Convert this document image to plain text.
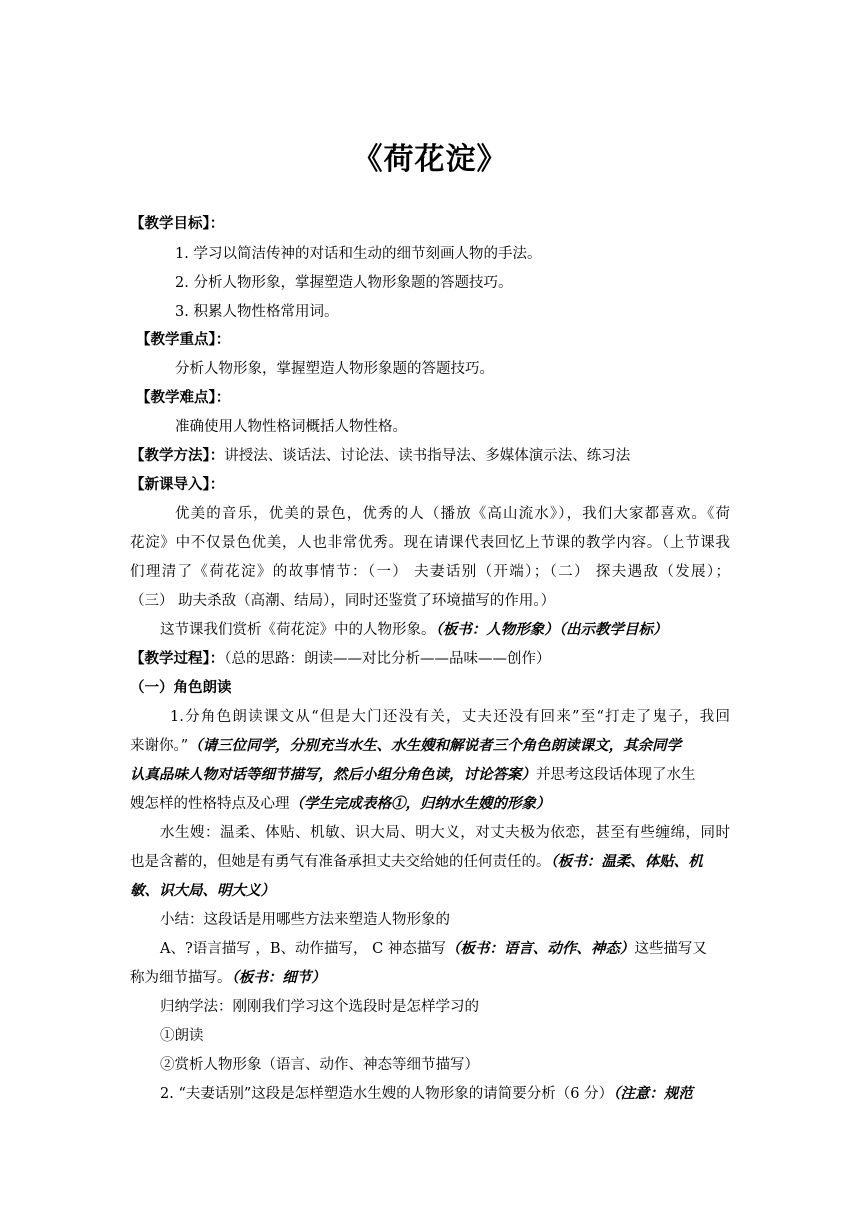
《荷花淀》
【教学目标】：
1. 学习以简洁传神的对话和生动的细节刻画人物的手法。
2. 分析人物形象，掌握塑造人物形象题的答题技巧。
3. 积累人物性格常用词。
【教学重点】：
分析人物形象，掌握塑造人物形象题的答题技巧。
【教学难点】：
准确使用人物性格词概括人物性格。
【教学方法】：讲授法、谈话法、讨论法、读书指导法、多媒体演示法、练习法
【新课导入】：
优美的音乐，优美的景色，优秀的人（播放《高山流水》），我们大家都喜欢。《荷
花淀》中不仅景色优美，人也非常优秀。现在请课代表回忆上节课的教学内容。（上节课我
们理清了《荷花淀》的故事情节：（一） 夫妻话别（开端）；（二） 探夫遇敌（发展）；
（三） 助夫杀敌（高潮、结局），同时还鉴赏了环境描写的作用。）
这节课我们赏析《荷花淀》中的人物形象。（板书：人物形象）（出示教学目标）
【教学过程】：（总的思路：朗读——对比分析——品味——创作）
（一）角色朗读
1.分角色朗读课文从“但是大门还没有关，丈夫还没有回来”至“打走了鬼子，我回
来谢你。”（请三位同学，分别充当水生、水生嫂和解说者三个角色朗读课文，其余同学
认真品味人物对话等细节描写，然后小组分角色读，讨论答案）并思考这段话体现了水生
嫂怎样的性格特点及心理（学生完成表格①，归纳水生嫂的形象）
水生嫂：温柔、体贴、机敏、识大局、明大义，对丈夫极为依恋，甚至有些缠绵，同时
也是含蓄的，但她是有勇气有准备承担丈夫交给她的任何责任的。（板书：温柔、体贴、机
敏、识大局、明大义）
小结：这段话是用哪些方法来塑造人物形象的
A、?语言描写 ，B、动作描写， C 神态描写（板书：语言、动作、神态）这些描写又
称为细节描写。（板书：细节）
归纳学法：刚刚我们学习这个选段时是怎样学习的
①朗读
②赏析人物形象（语言、动作、神态等细节描写）
2. “夫妻话别”这段是怎样塑造水生嫂的人物形象的请简要分析（6 分）（注意：规范
